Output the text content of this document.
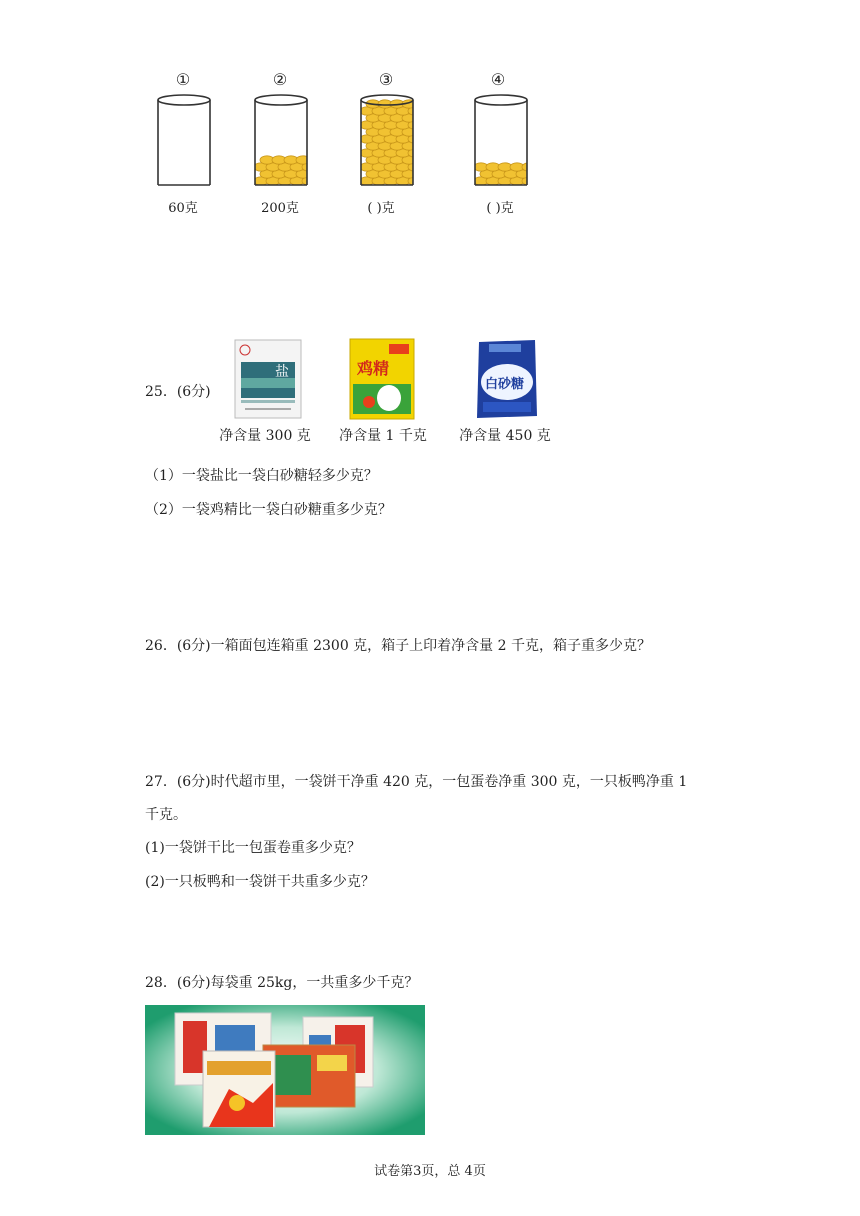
①	②	③	④
60克	200克	( )克	( )克
25．(6分)
盐	鸡精
白砂糖
净含量 300 克	净含量 1 千克	净含量 450 克
（1）一袋盐比一袋白砂糖轻多少克？
（2）一袋鸡精比一袋白砂糖重多少克？
26．(6分)一箱面包连箱重 2300 克，箱子上印着净含量 2 千克，箱子重多少克？
27．(6分)时代超市里，一袋饼干净重 420 克，一包蛋卷净重 300 克，一只板鸭净重 1
千克。
(1)一袋饼干比一包蛋卷重多少克？
(2)一只板鸭和一袋饼干共重多少克？
28．(6分)每袋重 25kg，一共重多少千克？
试卷第3页，总 4页
